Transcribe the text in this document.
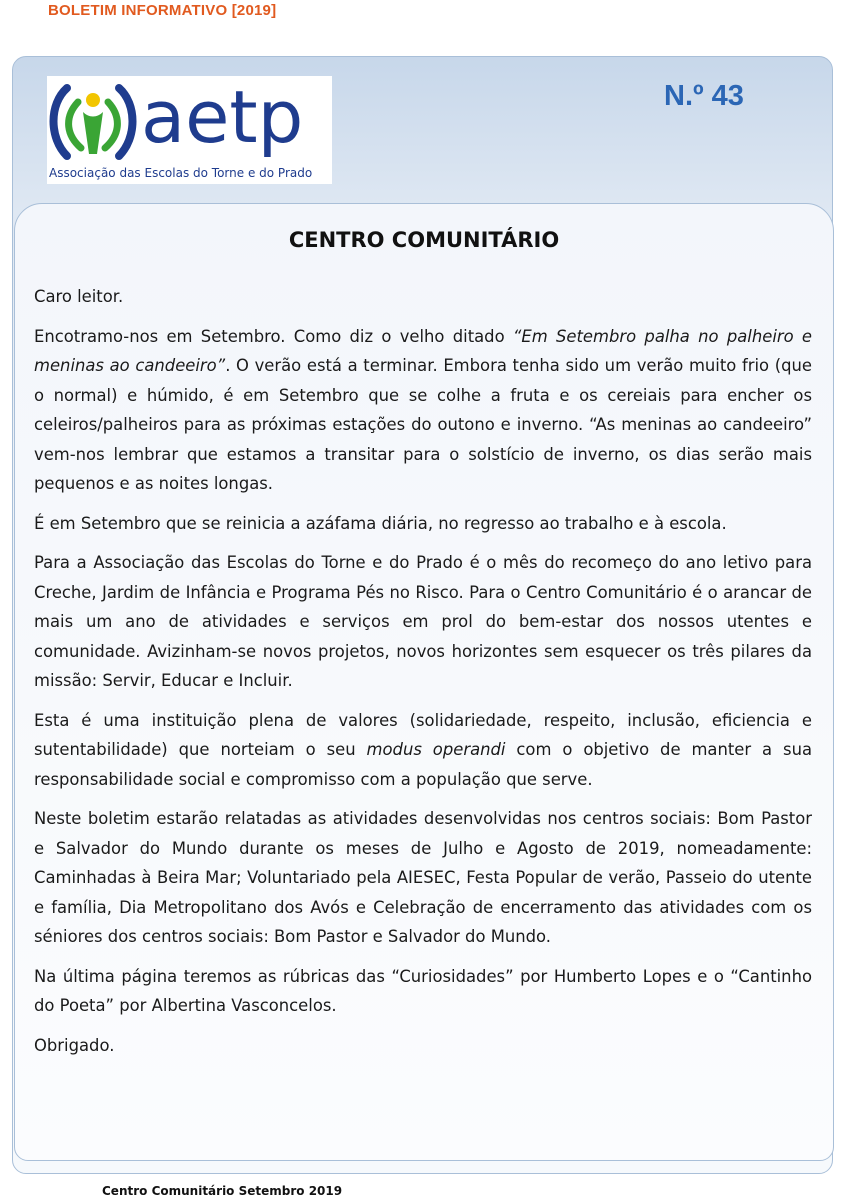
BOLETIM INFORMATIVO [2019]
aetp
Associação das Escolas do Torne e do Prado
N.º 43
CENTRO COMUNITÁRIO

Caro leitor.

Encotramo-nos em Setembro. Como diz o velho ditado “Em Setembro palha no palheiro e meninas ao candeeiro”. O verão está a terminar. Embora tenha sido um verão muito frio (que o normal) e húmido, é em Setembro que se colhe a fruta e os cereiais para encher os celeiros/palheiros para as próximas estações do outono e inverno. “As meninas ao candeeiro” vem-nos lembrar que estamos a transitar para o solstício de inverno, os dias serão mais pequenos e as noites longas.

É em Setembro que se reinicia a azáfama diária, no regresso ao trabalho e à escola.

Para a Associação das Escolas do Torne e do Prado é o mês do recomeço do ano letivo para Creche, Jardim de Infância e Programa Pés no Risco. Para o Centro Comunitário é o arancar de mais um ano de atividades e serviços em prol do bem-estar dos nossos utentes e comunidade. Avizinham-se novos projetos, novos horizontes sem esquecer os três pilares da missão: Servir, Educar e Incluir.

Esta é uma instituição plena de valores (solidariedade, respeito, inclusão, eficiencia e sutentabilidade) que norteiam o seu modus operandi com o objetivo de manter a sua responsabilidade social e compromisso com a população que serve.

Neste boletim estarão relatadas as atividades desenvolvidas nos centros sociais: Bom Pastor e Salvador do Mundo durante os meses de Julho e Agosto de 2019, nomeadamente: Caminhadas à Beira Mar; Voluntariado pela AIESEC, Festa Popular de verão, Passeio do utente e família, Dia Metropolitano dos Avós e Celebração de encerramento das atividades com os séniores dos centros sociais: Bom Pastor e Salvador do Mundo.

Na última página teremos as rúbricas das “Curiosidades” por Humberto Lopes e o “Cantinho do Poeta” por Albertina Vasconcelos.

Obrigado.

Centro Comunitário Setembro 2019
